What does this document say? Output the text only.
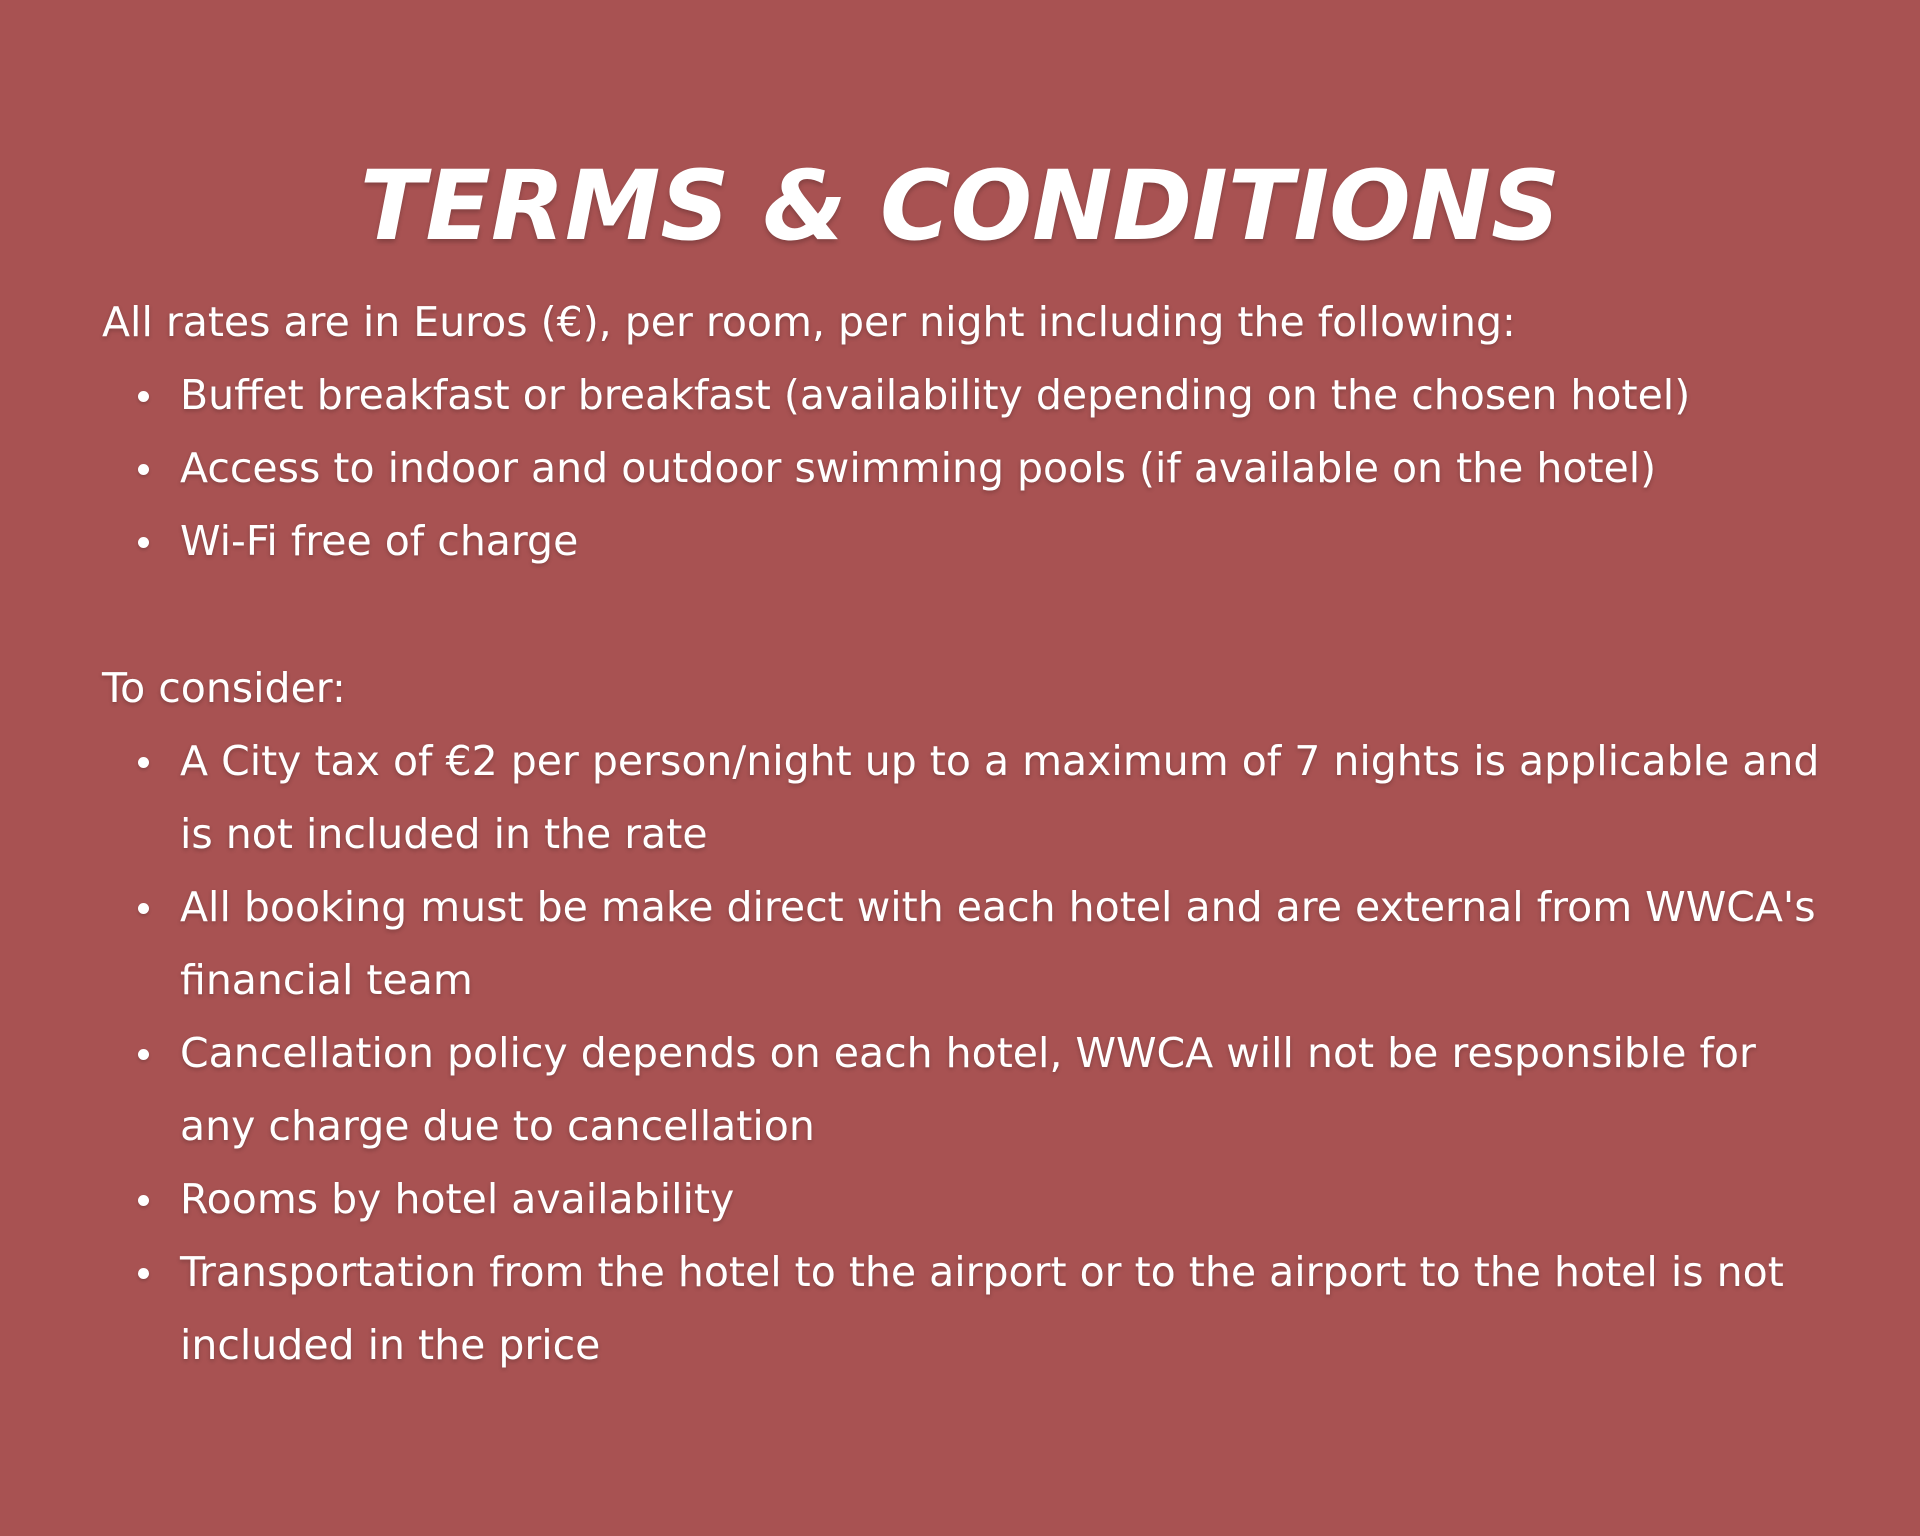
TERMS & CONDITIONS
All rates are in Euros (€), per room, per night including the following:
Buffet breakfast or breakfast (availability depending on the chosen hotel)
Access to indoor and outdoor swimming pools (if available on the hotel)
Wi-Fi free of charge
To consider:
A City tax of €2 per person/night up to a maximum of 7 nights is applicable and is not included in the rate
All booking must be make direct with each hotel and are external from WWCA's financial team
Cancellation policy depends on each hotel, WWCA will not be responsible for any charge due to cancellation
Rooms by hotel availability
Transportation from the hotel to the airport or to the airport to the hotel is not included in the price
